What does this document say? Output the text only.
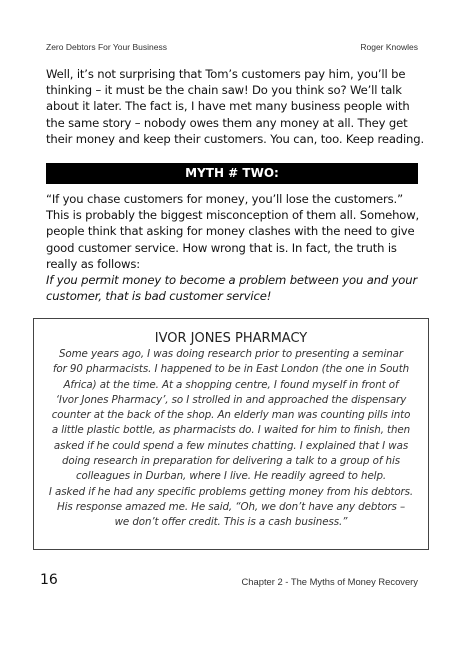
Zero Debtors For Your Business	Roger Knowles
Well, it’s not surprising that Tom’s customers pay him, you’ll be thinking – it must be the chain saw! Do you think so? We’ll talk about it later. The fact is, I have met many business people with the same story – nobody owes them any money at all. They get their money and keep their customers. You can, too. Keep reading.
MYTH # TWO:
“If you chase customers for money, you’ll lose the customers.”
This is probably the biggest misconception of them all. Somehow, people think that asking for money clashes with the need to give good customer service. How wrong that is. In fact, the truth is really as follows:
If you permit money to become a problem between you and your customer, that is bad customer service!
IVOR JONES PHARMACY
Some years ago, I was doing research prior to presenting a seminar
for 90 pharmacists. I happened to be in East London (the one in South
Africa) at the time. At a shopping centre, I found myself in front of
‘Ivor Jones Pharmacy’, so I strolled in and approached the dispensary
counter at the back of the shop. An elderly man was counting pills into
a little plastic bottle, as pharmacists do. I waited for him to finish, then
asked if he could spend a few minutes chatting. I explained that I was
doing research in preparation for delivering a talk to a group of his
colleagues in Durban, where I live. He readily agreed to help.
I asked if he had any specific problems getting money from his debtors.
His response amazed me. He said, “Oh, we don’t have any debtors –
we don’t offer credit. This is a cash business.”
16	Chapter 2 - The Myths of Money Recovery
